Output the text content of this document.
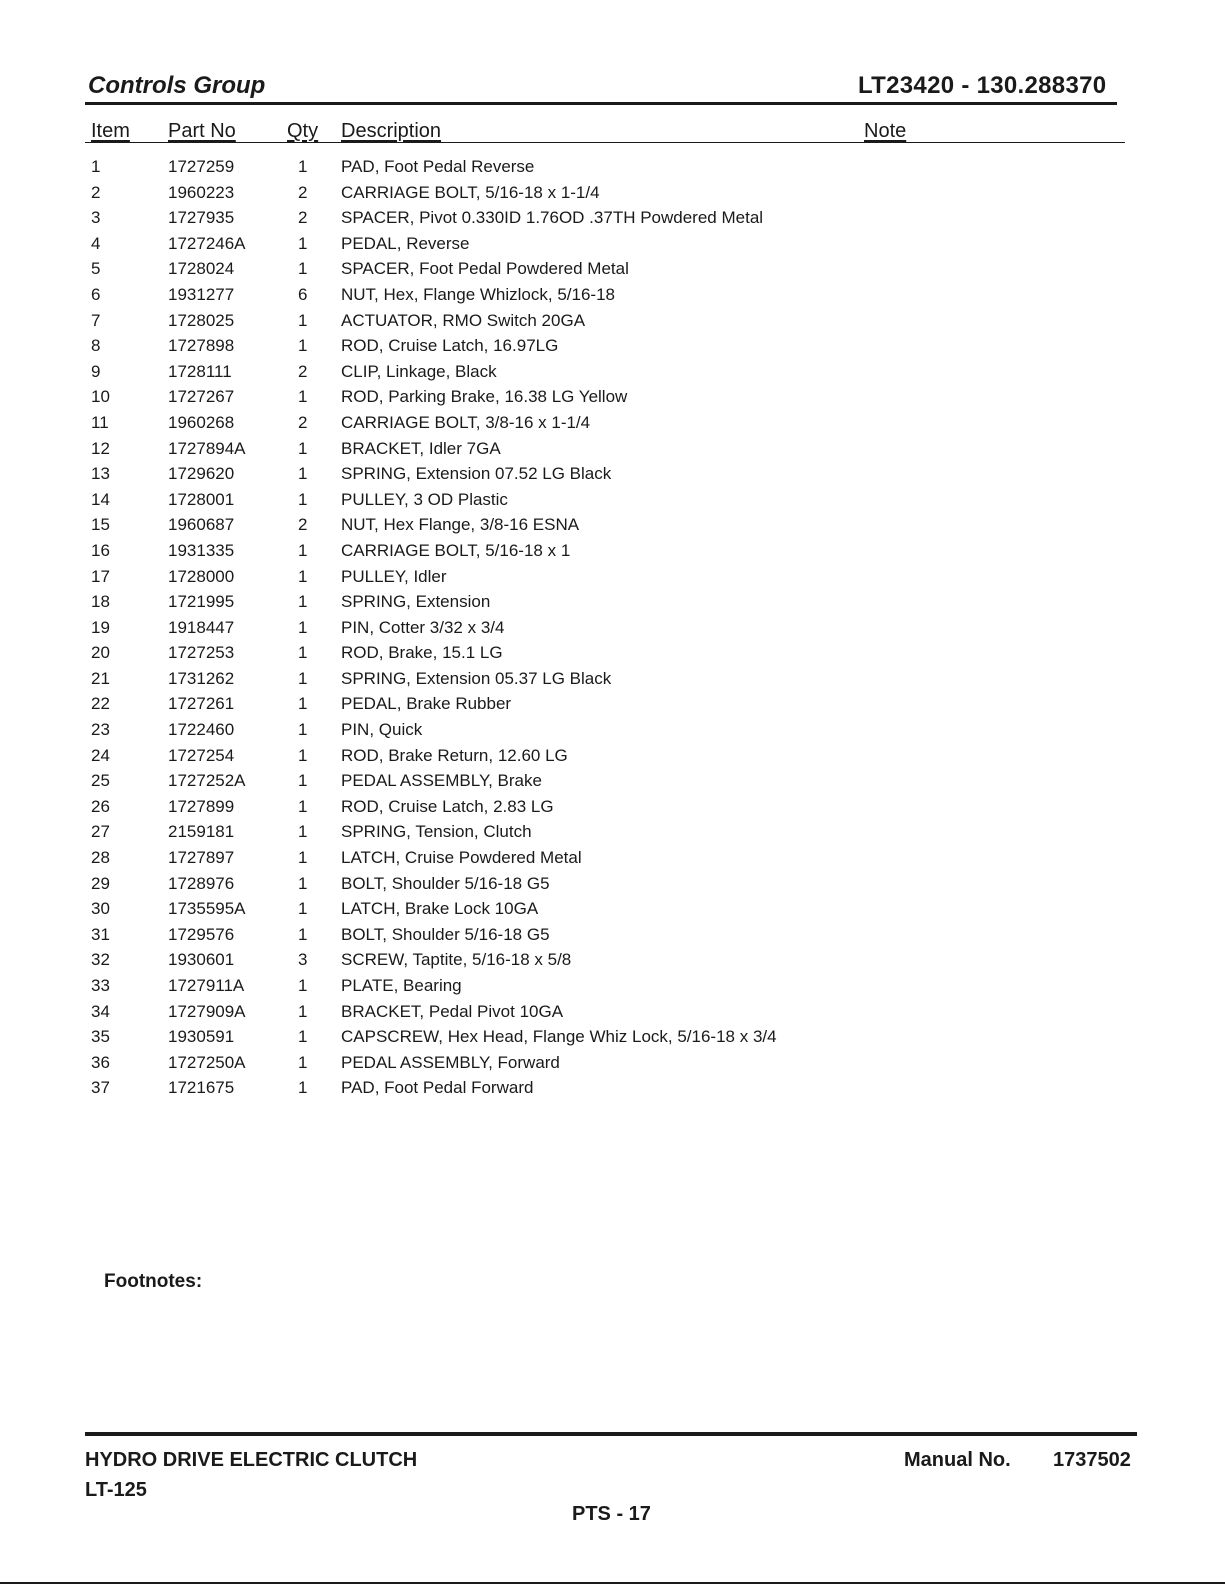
Controls Group	LT23420 - 130.288370
Item Part No	Qty Description	Note
1	1727259	1 PAD, Foot Pedal Reverse
2	1960223	2 CARRIAGE BOLT, 5/16-18 x 1-1/4
3	1727935	2 SPACER, Pivot 0.330ID 1.76OD .37TH Powdered Metal
4	1727246A	1 PEDAL, Reverse
5	1728024	1 SPACER, Foot Pedal Powdered Metal
6	1931277	6 NUT, Hex, Flange Whizlock, 5/16-18
7	1728025	1 ACTUATOR, RMO Switch 20GA
8	1727898	1 ROD, Cruise Latch, 16.97LG
9	1728111	2 CLIP, Linkage, Black
10	1727267	1 ROD, Parking Brake, 16.38 LG Yellow
11	1960268	2 CARRIAGE BOLT, 3/8-16 x 1-1/4
12	1727894A	1 BRACKET, Idler 7GA
13	1729620	1 SPRING, Extension 07.52 LG Black
14	1728001	1 PULLEY, 3 OD Plastic
15	1960687	2 NUT, Hex Flange, 3/8-16 ESNA
16	1931335	1 CARRIAGE BOLT, 5/16-18 x 1
17	1728000	1 PULLEY, Idler
18	1721995	1 SPRING, Extension
19	1918447	1 PIN, Cotter 3/32 x 3/4
20	1727253	1 ROD, Brake, 15.1 LG
21	1731262	1 SPRING, Extension 05.37 LG Black
22	1727261	1 PEDAL, Brake Rubber
23	1722460	1 PIN, Quick
24	1727254	1 ROD, Brake Return, 12.60 LG
25	1727252A	1 PEDAL ASSEMBLY, Brake
26	1727899	1 ROD, Cruise Latch, 2.83 LG
27	2159181	1 SPRING, Tension, Clutch
28	1727897	1 LATCH, Cruise Powdered Metal
29	1728976	1 BOLT, Shoulder 5/16-18 G5
30	1735595A	1 LATCH, Brake Lock 10GA
31	1729576	1 BOLT, Shoulder 5/16-18 G5
32	1930601	3 SCREW, Taptite, 5/16-18 x 5/8
33	1727911A	1 PLATE, Bearing
34	1727909A	1 BRACKET, Pedal Pivot 10GA
35	1930591	1 CAPSCREW, Hex Head, Flange Whiz Lock, 5/16-18 x 3/4
36	1727250A	1 PEDAL ASSEMBLY, Forward
37	1721675	1 PAD, Foot Pedal Forward
Footnotes:
HYDRO DRIVE ELECTRIC CLUTCH
LT-125
Manual No. 1737502
PTS - 17
